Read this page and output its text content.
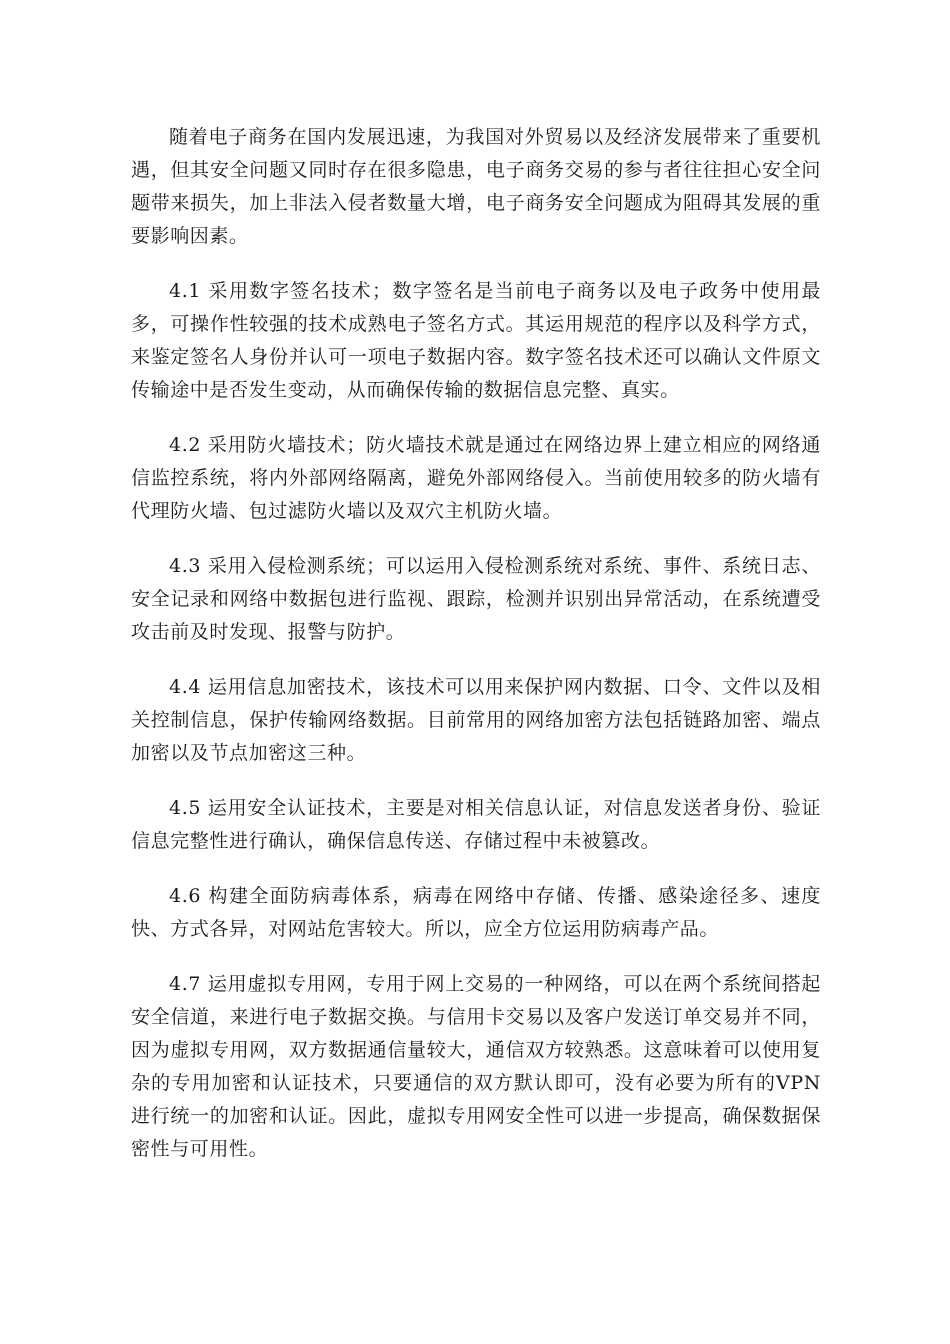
随着电子商务在国内发展迅速，为我国对外贸易以及经济发展带来了重要机遇，但其安全问题又同时存在很多隐患，电子商务交易的参与者往往担心安全问题带来损失，加上非法入侵者数量大增，电子商务安全问题成为阻碍其发展的重要影响因素。

4.1 采用数字签名技术；数字签名是当前电子商务以及电子政务中使用最多，可操作性较强的技术成熟电子签名方式。其运用规范的程序以及科学方式，来鉴定签名人身份并认可一项电子数据内容。数字签名技术还可以确认文件原文传输途中是否发生变动，从而确保传输的数据信息完整、真实。

4.2 采用防火墙技术；防火墙技术就是通过在网络边界上建立相应的网络通信监控系统，将内外部网络隔离，避免外部网络侵入。当前使用较多的防火墙有代理防火墙、包过滤防火墙以及双穴主机防火墙。

4.3 采用入侵检测系统；可以运用入侵检测系统对系统、事件、系统日志、安全记录和网络中数据包进行监视、跟踪，检测并识别出异常活动，在系统遭受攻击前及时发现、报警与防护。

4.4 运用信息加密技术，该技术可以用来保护网内数据、口令、文件以及相关控制信息，保护传输网络数据。目前常用的网络加密方法包括链路加密、端点加密以及节点加密这三种。

4.5 运用安全认证技术，主要是对相关信息认证，对信息发送者身份、验证信息完整性进行确认，确保信息传送、存储过程中未被篡改。

4.6 构建全面防病毒体系，病毒在网络中存储、传播、感染途径多、速度快、方式各异，对网站危害较大。所以，应全方位运用防病毒产品。

4.7 运用虚拟专用网，专用于网上交易的一种网络，可以在两个系统间搭起安全信道，来进行电子数据交换。与信用卡交易以及客户发送订单交易并不同，因为虚拟专用网，双方数据通信量较大，通信双方较熟悉。这意味着可以使用复杂的专用加密和认证技术，只要通信的双方默认即可，没有必要为所有的VPN进行统一的加密和认证。因此，虚拟专用网安全性可以进一步提高，确保数据保密性与可用性。
